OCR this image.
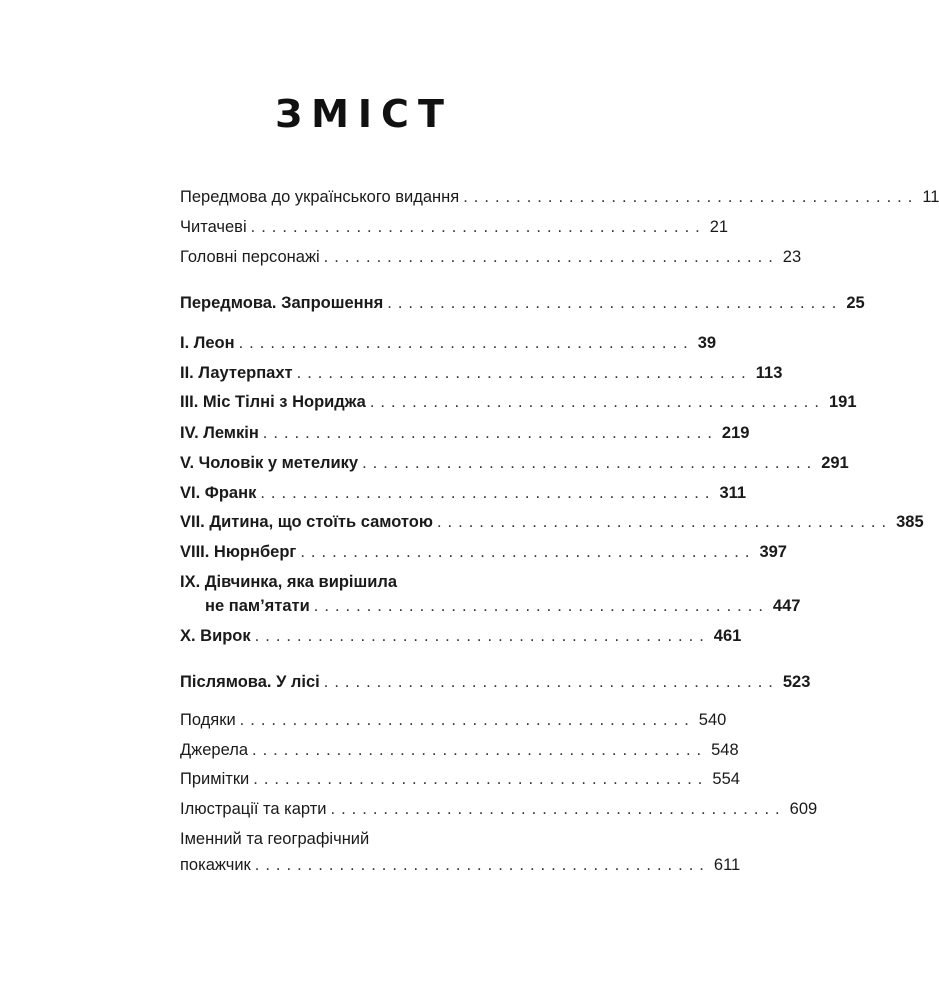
ЗМІСТ
Передмова до українського видання ........................................... 11
Читачеві ........................................... 21
Головні персонажі ........................................... 23
Передмова. Запрошення ........................................... 25
I. Леон ........................................... 39
II. Лаутерпахт ........................................... 113
III. Міс Тілні з Нориджа ........................................... 191
IV. Лемкін ........................................... 219
V. Чоловік у метелику ........................................... 291
VI. Франк ........................................... 311
VII. Дитина, що стоїть самотою ........................................... 385
VIII. Нюрнберг ........................................... 397
IX. Дівчинка, яка вирішила
не пам’ятати ........................................... 447
X. Вирок ........................................... 461
Післямова. У лісі ........................................... 523
Подяки ........................................... 540
Джерела ........................................... 548
Примітки ........................................... 554
Ілюстрації та карти ........................................... 609
Іменний та географічний
покажчик ........................................... 611
